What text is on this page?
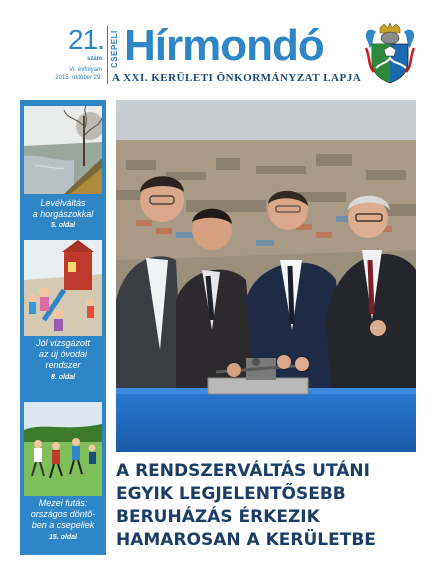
21.
szám
VI. évfolyam
2015. október 29.
CSEPELI Hírmondó
A XXI. KERÜLETI ÖNKORMÁNYZAT LAPJA
Levélváltás
a horgászokkal
5. oldal
Jól vizsgázott
az új óvodai
rendszer
8. oldal
Mezei futás:
országos döntő-
ben a csepeliek
15. oldal
A RENDSZERVÁLTÁS UTÁNI
EGYIK LEGJELENTŐSEBB
BERUHÁZÁS ÉRKEZIK
HAMAROSAN A KERÜLETBE
